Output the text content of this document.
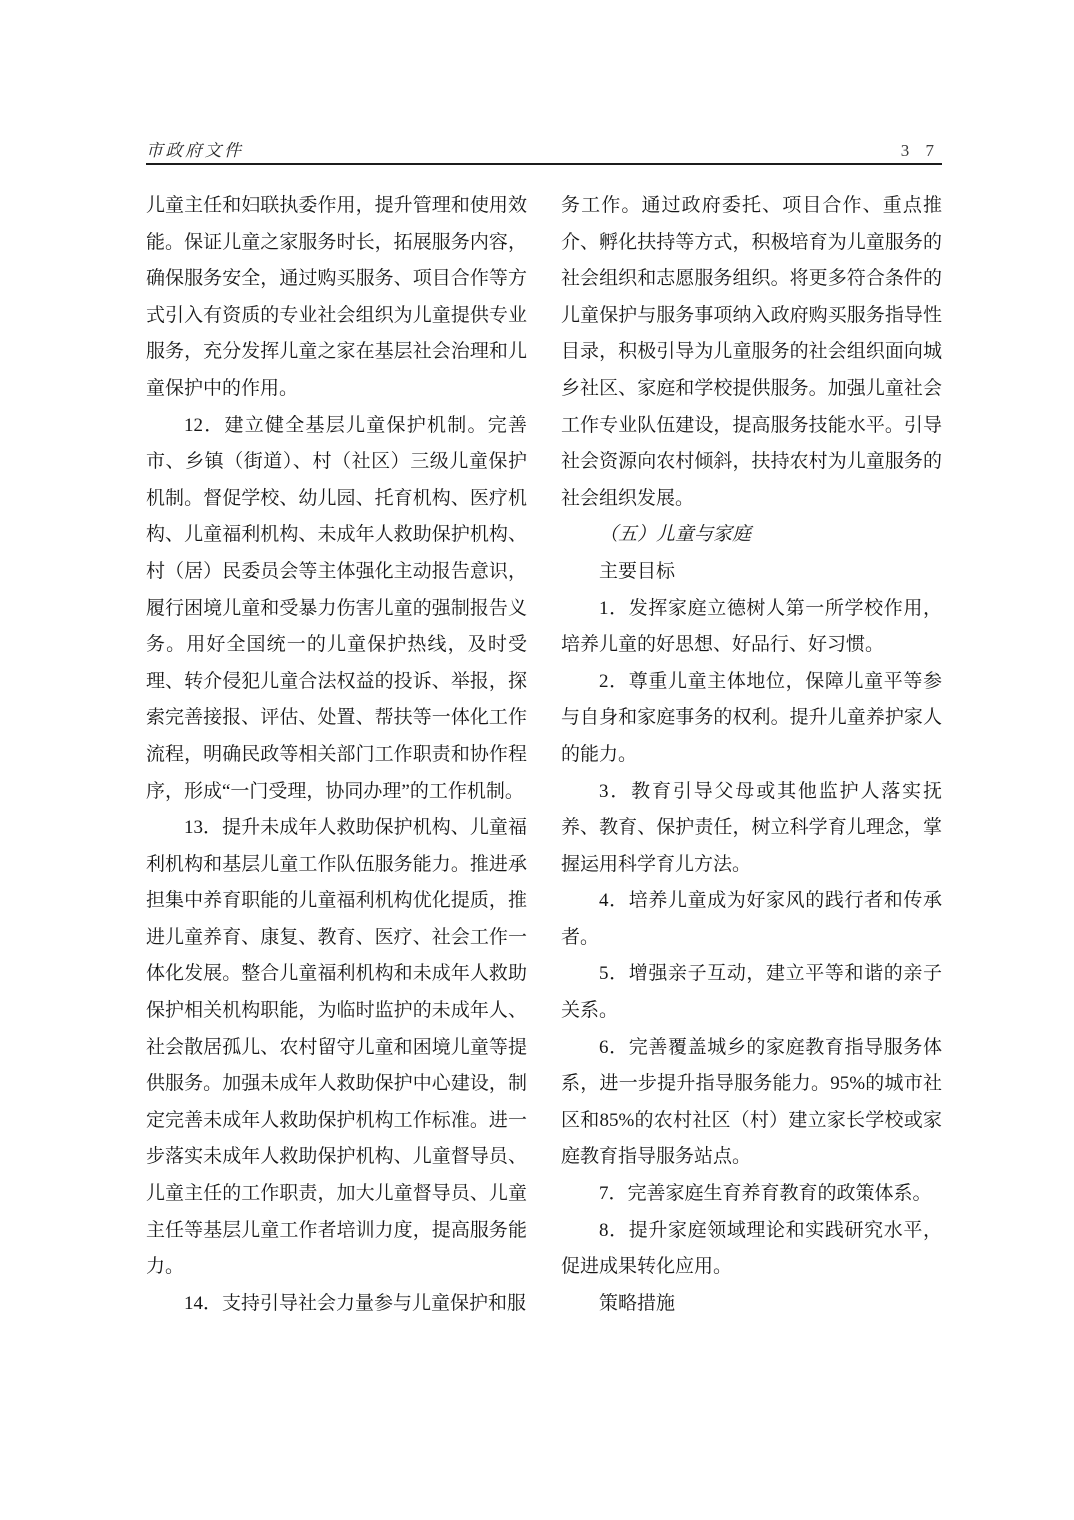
市政府文件	3 7

儿童主任和妇联执委作用，提升管理和使用效能。保证儿童之家服务时长，拓展服务内容，确保服务安全，通过购买服务、项目合作等方式引入有资质的专业社会组织为儿童提供专业服务，充分发挥儿童之家在基层社会治理和儿童保护中的作用。

12．建立健全基层儿童保护机制。完善市、乡镇（街道）、村（社区）三级儿童保护机制。督促学校、幼儿园、托育机构、医疗机构、儿童福利机构、未成年人救助保护机构、村（居）民委员会等主体强化主动报告意识，履行困境儿童和受暴力伤害儿童的强制报告义务。用好全国统一的儿童保护热线，及时受理、转介侵犯儿童合法权益的投诉、举报，探索完善接报、评估、处置、帮扶等一体化工作流程，明确民政等相关部门工作职责和协作程序，形成“一门受理，协同办理”的工作机制。

13．提升未成年人救助保护机构、儿童福利机构和基层儿童工作队伍服务能力。推进承担集中养育职能的儿童福利机构优化提质，推进儿童养育、康复、教育、医疗、社会工作一体化发展。整合儿童福利机构和未成年人救助保护相关机构职能，为临时监护的未成年人、社会散居孤儿、农村留守儿童和困境儿童等提供服务。加强未成年人救助保护中心建设，制定完善未成年人救助保护机构工作标准。进一步落实未成年人救助保护机构、儿童督导员、儿童主任的工作职责，加大儿童督导员、儿童主任等基层儿童工作者培训力度，提高服务能力。

14．支持引导社会力量参与儿童保护和服

务工作。通过政府委托、项目合作、重点推介、孵化扶持等方式，积极培育为儿童服务的社会组织和志愿服务组织。将更多符合条件的儿童保护与服务事项纳入政府购买服务指导性目录，积极引导为儿童服务的社会组织面向城乡社区、家庭和学校提供服务。加强儿童社会工作专业队伍建设，提高服务技能水平。引导社会资源向农村倾斜，扶持农村为儿童服务的社会组织发展。

（五）儿童与家庭

主要目标

1．发挥家庭立德树人第一所学校作用，培养儿童的好思想、好品行、好习惯。

2．尊重儿童主体地位，保障儿童平等参与自身和家庭事务的权利。提升儿童养护家人的能力。

3．教育引导父母或其他监护人落实抚养、教育、保护责任，树立科学育儿理念，掌握运用科学育儿方法。

4．培养儿童成为好家风的践行者和传承者。

5．增强亲子互动，建立平等和谐的亲子关系。

6．完善覆盖城乡的家庭教育指导服务体系，进一步提升指导服务能力。95%的城市社区和85%的农村社区（村）建立家长学校或家庭教育指导服务站点。

7．完善家庭生育养育教育的政策体系。

8．提升家庭领域理论和实践研究水平，促进成果转化应用。

策略措施
